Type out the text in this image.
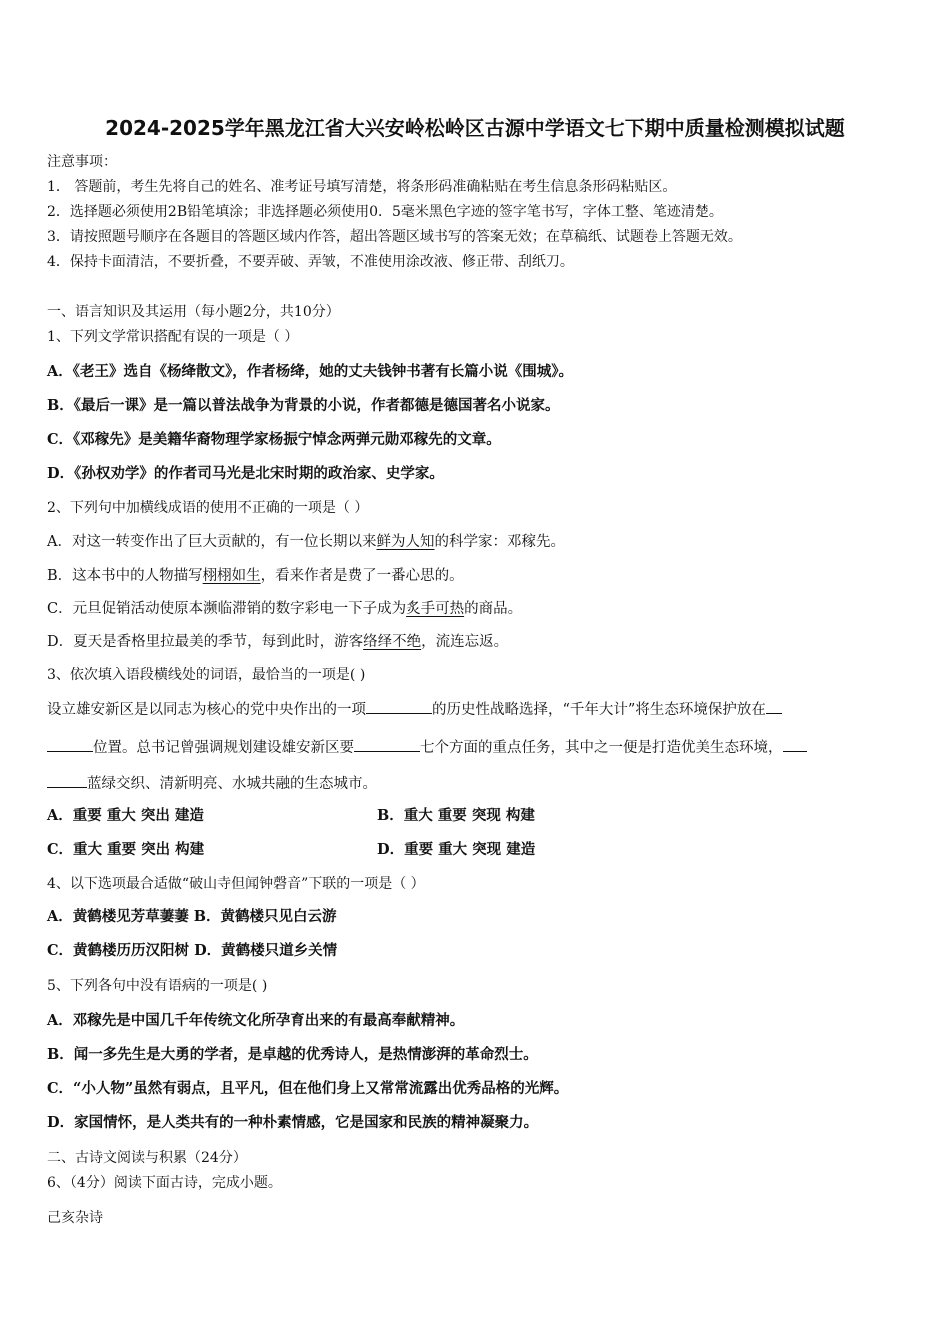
2024-2025学年黑龙江省大兴安岭松岭区古源中学语文七下期中质量检测模拟试题
注意事项：
1． 答题前，考生先将自己的姓名、准考证号填写清楚，将条形码准确粘贴在考生信息条形码粘贴区。
2．选择题必须使用2B铅笔填涂；非选择题必须使用0．5毫米黑色字迹的签字笔书写，字体工整、笔迹清楚。
3．请按照题号顺序在各题目的答题区域内作答，超出答题区域书写的答案无效；在草稿纸、试题卷上答题无效。
4．保持卡面清洁，不要折叠，不要弄破、弄皱，不准使用涂改液、修正带、刮纸刀。
一、语言知识及其运用（每小题2分，共10分）
1、下列文学常识搭配有误的一项是（ ）
A．《老王》选自《杨绛散文》，作者杨绛，她的丈夫钱钟书著有长篇小说《围城》。
B．《最后一课》是一篇以普法战争为背景的小说，作者都德是德国著名小说家。
C．《邓稼先》是美籍华裔物理学家杨振宁悼念两弹元勋邓稼先的文章。
D．《孙权劝学》的作者司马光是北宋时期的政治家、史学家。
2、下列句中加横线成语的使用不正确的一项是（ ）
A．对这一转变作出了巨大贡献的，有一位长期以来鲜为人知的科学家：邓稼先。
B．这本书中的人物描写栩栩如生，看来作者是费了一番心思的。
C．元旦促销活动使原本濒临滞销的数字彩电一下子成为炙手可热的商品。
D．夏天是香格里拉最美的季节，每到此时，游客络绎不绝，流连忘返。
3、依次填入语段横线处的词语，最恰当的一项是( )
设立雄安新区是以同志为核心的党中央作出的一项	的历史性战略选择，“千年大计”将生态环境保护放在
位置。总书记曾强调规划建设雄安新区要	七个方面的重点任务，其中之一便是打造优美生态环境，
蓝绿交织、清新明亮、水城共融的生态城市。
A．重要 重大 突出 建造	B．重大 重要 突现 构建
C．重大 重要 突出 构建	D．重要 重大 突现 建造
4、以下选项最合适做“破山寺但闻钟磬音”下联的一项是（ ）
A．黄鹤楼见芳草萋萋 B．黄鹤楼只见白云游
C．黄鹤楼历历汉阳树 D．黄鹤楼只道乡关情
5、下列各句中没有语病的一项是( )
A．邓稼先是中国几千年传统文化所孕育出来的有最高奉献精神。
B．闻一多先生是大勇的学者，是卓越的优秀诗人，是热情澎湃的革命烈士。
C．“小人物”虽然有弱点，且平凡，但在他们身上又常常流露出优秀品格的光辉。
D．家国情怀，是人类共有的一种朴素情感，它是国家和民族的精神凝聚力。
二、古诗文阅读与积累（24分）
6、（4分）阅读下面古诗，完成小题。
己亥杂诗
